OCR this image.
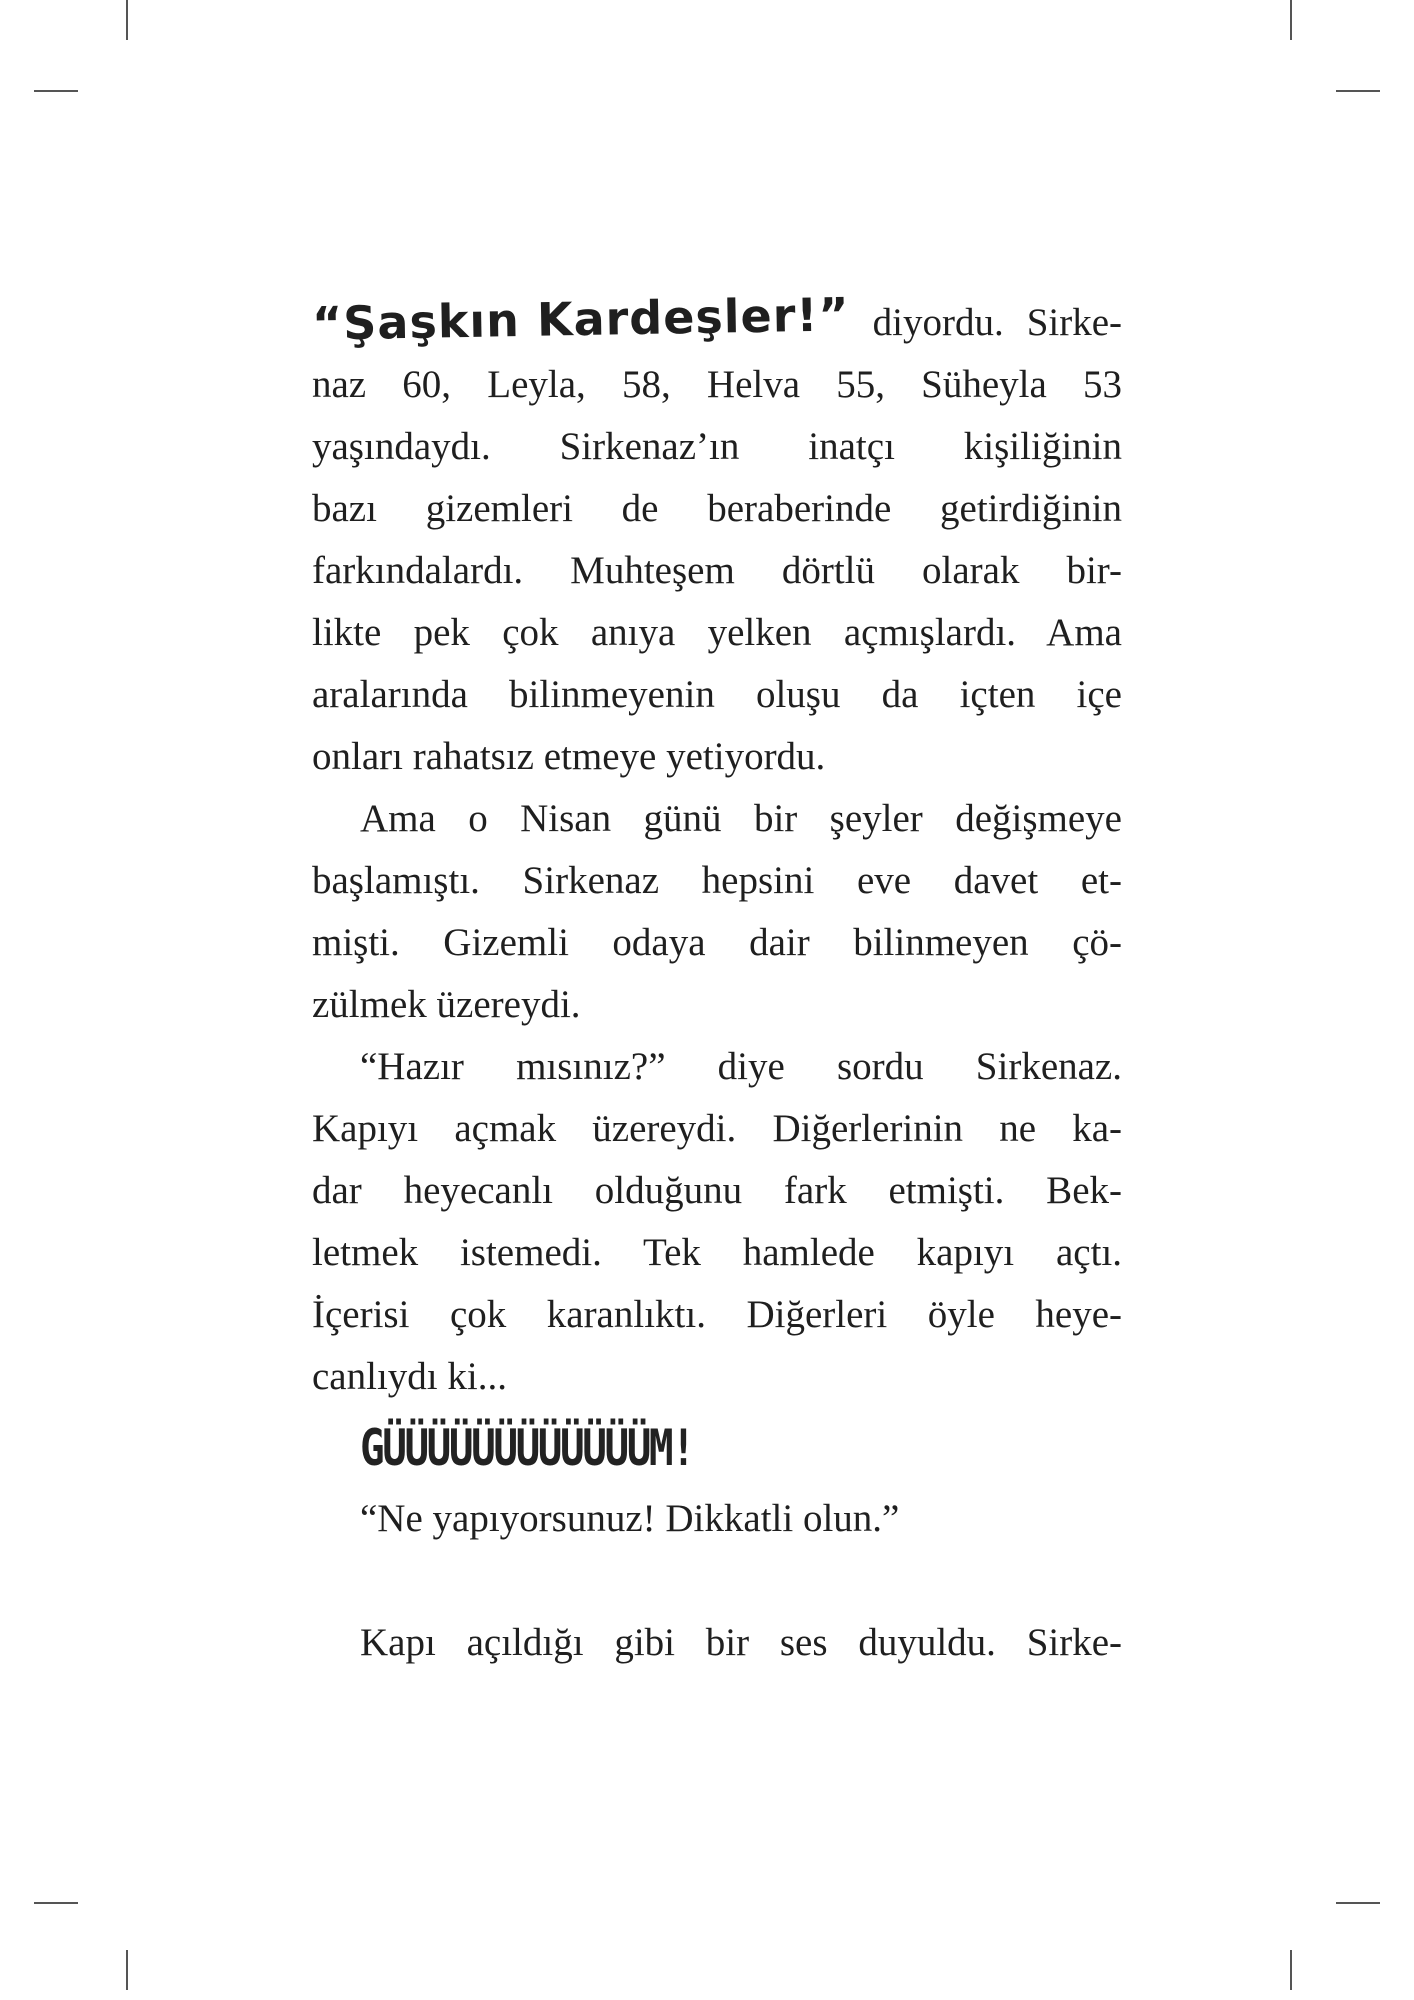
“Şaşkın Kardeşler!” diyordu. Sirke-
naz 60, Leyla, 58, Helva 55, Süheyla 53
yaşındaydı. Sirkenaz’ın inatçı kişiliğinin
bazı gizemleri de beraberinde getirdiğinin
farkındalardı. Muhteşem dörtlü olarak bir-
likte pek çok anıya yelken açmışlardı. Ama
aralarında bilinmeyenin oluşu da içten içe
onları rahatsız etmeye yetiyordu.
Ama o Nisan günü bir şeyler değişmeye
başlamıştı. Sirkenaz hepsini eve davet et-
mişti. Gizemli odaya dair bilinmeyen çö-
zülmek üzereydi.
“Hazır mısınız?” diye sordu Sirkenaz.
Kapıyı açmak üzereydi. Diğerlerinin ne ka-
dar heyecanlı olduğunu fark etmişti. Bek-
letmek istemedi. Tek hamlede kapıyı açtı.
İçerisi çok karanlıktı. Diğerleri öyle heye-
canlıydı ki...
GÜÜÜÜÜÜÜÜÜÜÜÜM!
“Ne yapıyorsunuz! Dikkatli olun.”
Kapı açıldığı gibi bir ses duyuldu. Sirke-
